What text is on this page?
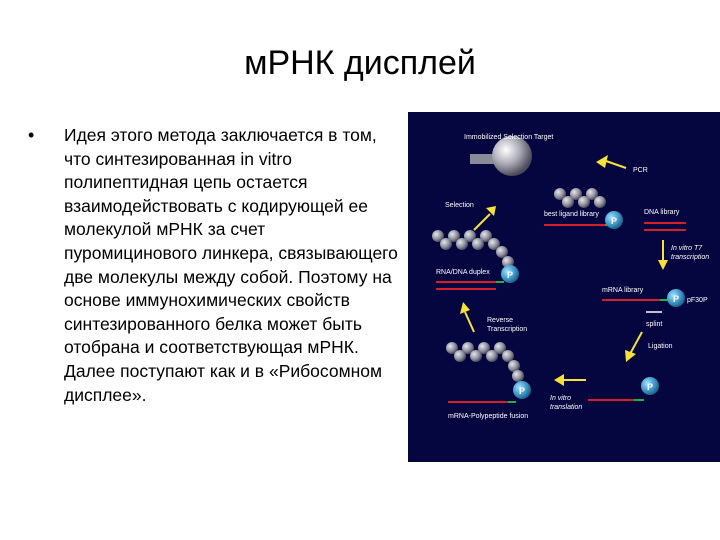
мРНК дисплей
• Идея этого метода заключается в том, что синтезированная in vitro полипептидная цепь остается взаимодействовать с кодирующей ее молекулой мРНК за счет пуромицинового линкера, связывающего две молекулы между собой. Поэтому на основе иммунохимических свойств синтезированного белка может быть отобрана и соответствующая мРНК. Далее поступают как и в «Рибосомном дисплее».
Immobilized Selection Target
PCR
Selection
best ligand library
P
DNA library
In vitro T7
transcription
P
RNA/DNA duplex
mRNA library
P pF30P
splint
Reverse
Transcription
Ligation
P
mRNA-Polypeptide fusion
In vitro
translation
P
